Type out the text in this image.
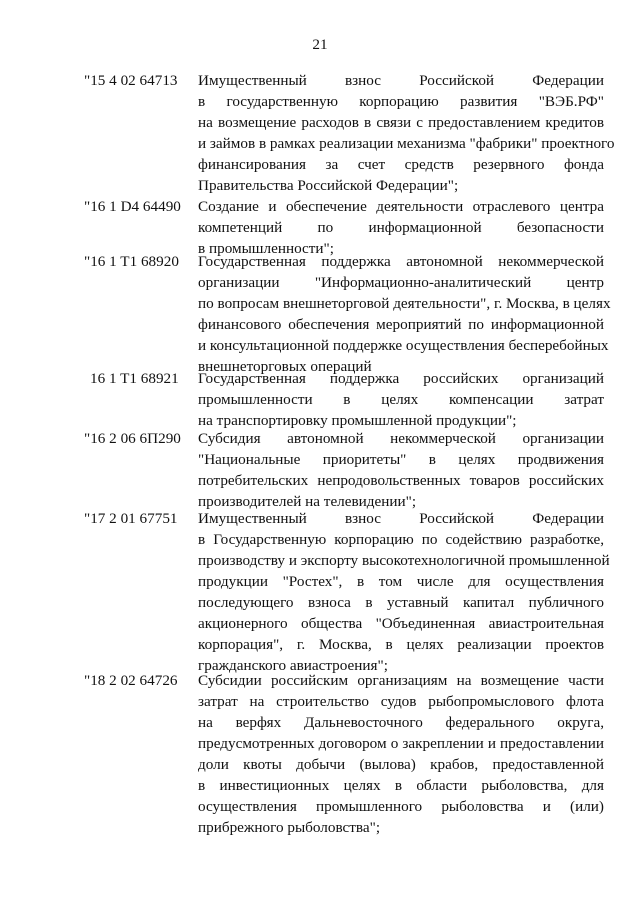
21
"15 4 02 64713	Имущественный взнос Российской Федерации
в государственную корпорацию развития "ВЭБ.РФ"
на возмещение расходов в связи с предоставлением кредитов
и займов в рамках реализации механизма "фабрики" проектного
финансирования за счет средств резервного фонда
Правительства Российской Федерации";
"16 1 D4 64490	Создание и обеспечение деятельности отраслевого центра
компетенций по информационной безопасности
в промышленности";
"16 1 T1 68920	Государственная поддержка автономной некоммерческой
организации "Информационно-аналитический центр
по вопросам внешнеторговой деятельности", г. Москва, в целях
финансового обеспечения мероприятий по информационной
и консультационной поддержке осуществления бесперебойных
внешнеторговых операций
16 1 T1 68921	Государственная поддержка российских организаций
промышленности в целях компенсации затрат
на транспортировку промышленной продукции";
"16 2 06 6П290	Субсидия автономной некоммерческой организации
"Национальные приоритеты" в целях продвижения
потребительских непродовольственных товаров российских
производителей на телевидении";
"17 2 01 67751	Имущественный взнос Российской Федерации
в Государственную корпорацию по содействию разработке,
производству и экспорту высокотехнологичной промышленной
продукции "Ростех", в том числе для осуществления
последующего взноса в уставный капитал публичного
акционерного общества "Объединенная авиастроительная
корпорация", г. Москва, в целях реализации проектов
гражданского авиастроения";
"18 2 02 64726	Субсидии российским организациям на возмещение части
затрат на строительство судов рыбопромыслового флота
на верфях Дальневосточного федерального округа,
предусмотренных договором о закреплении и предоставлении
доли квоты добычи (вылова) крабов, предоставленной
в инвестиционных целях в области рыболовства, для
осуществления промышленного рыболовства и (или)
прибрежного рыболовства";
